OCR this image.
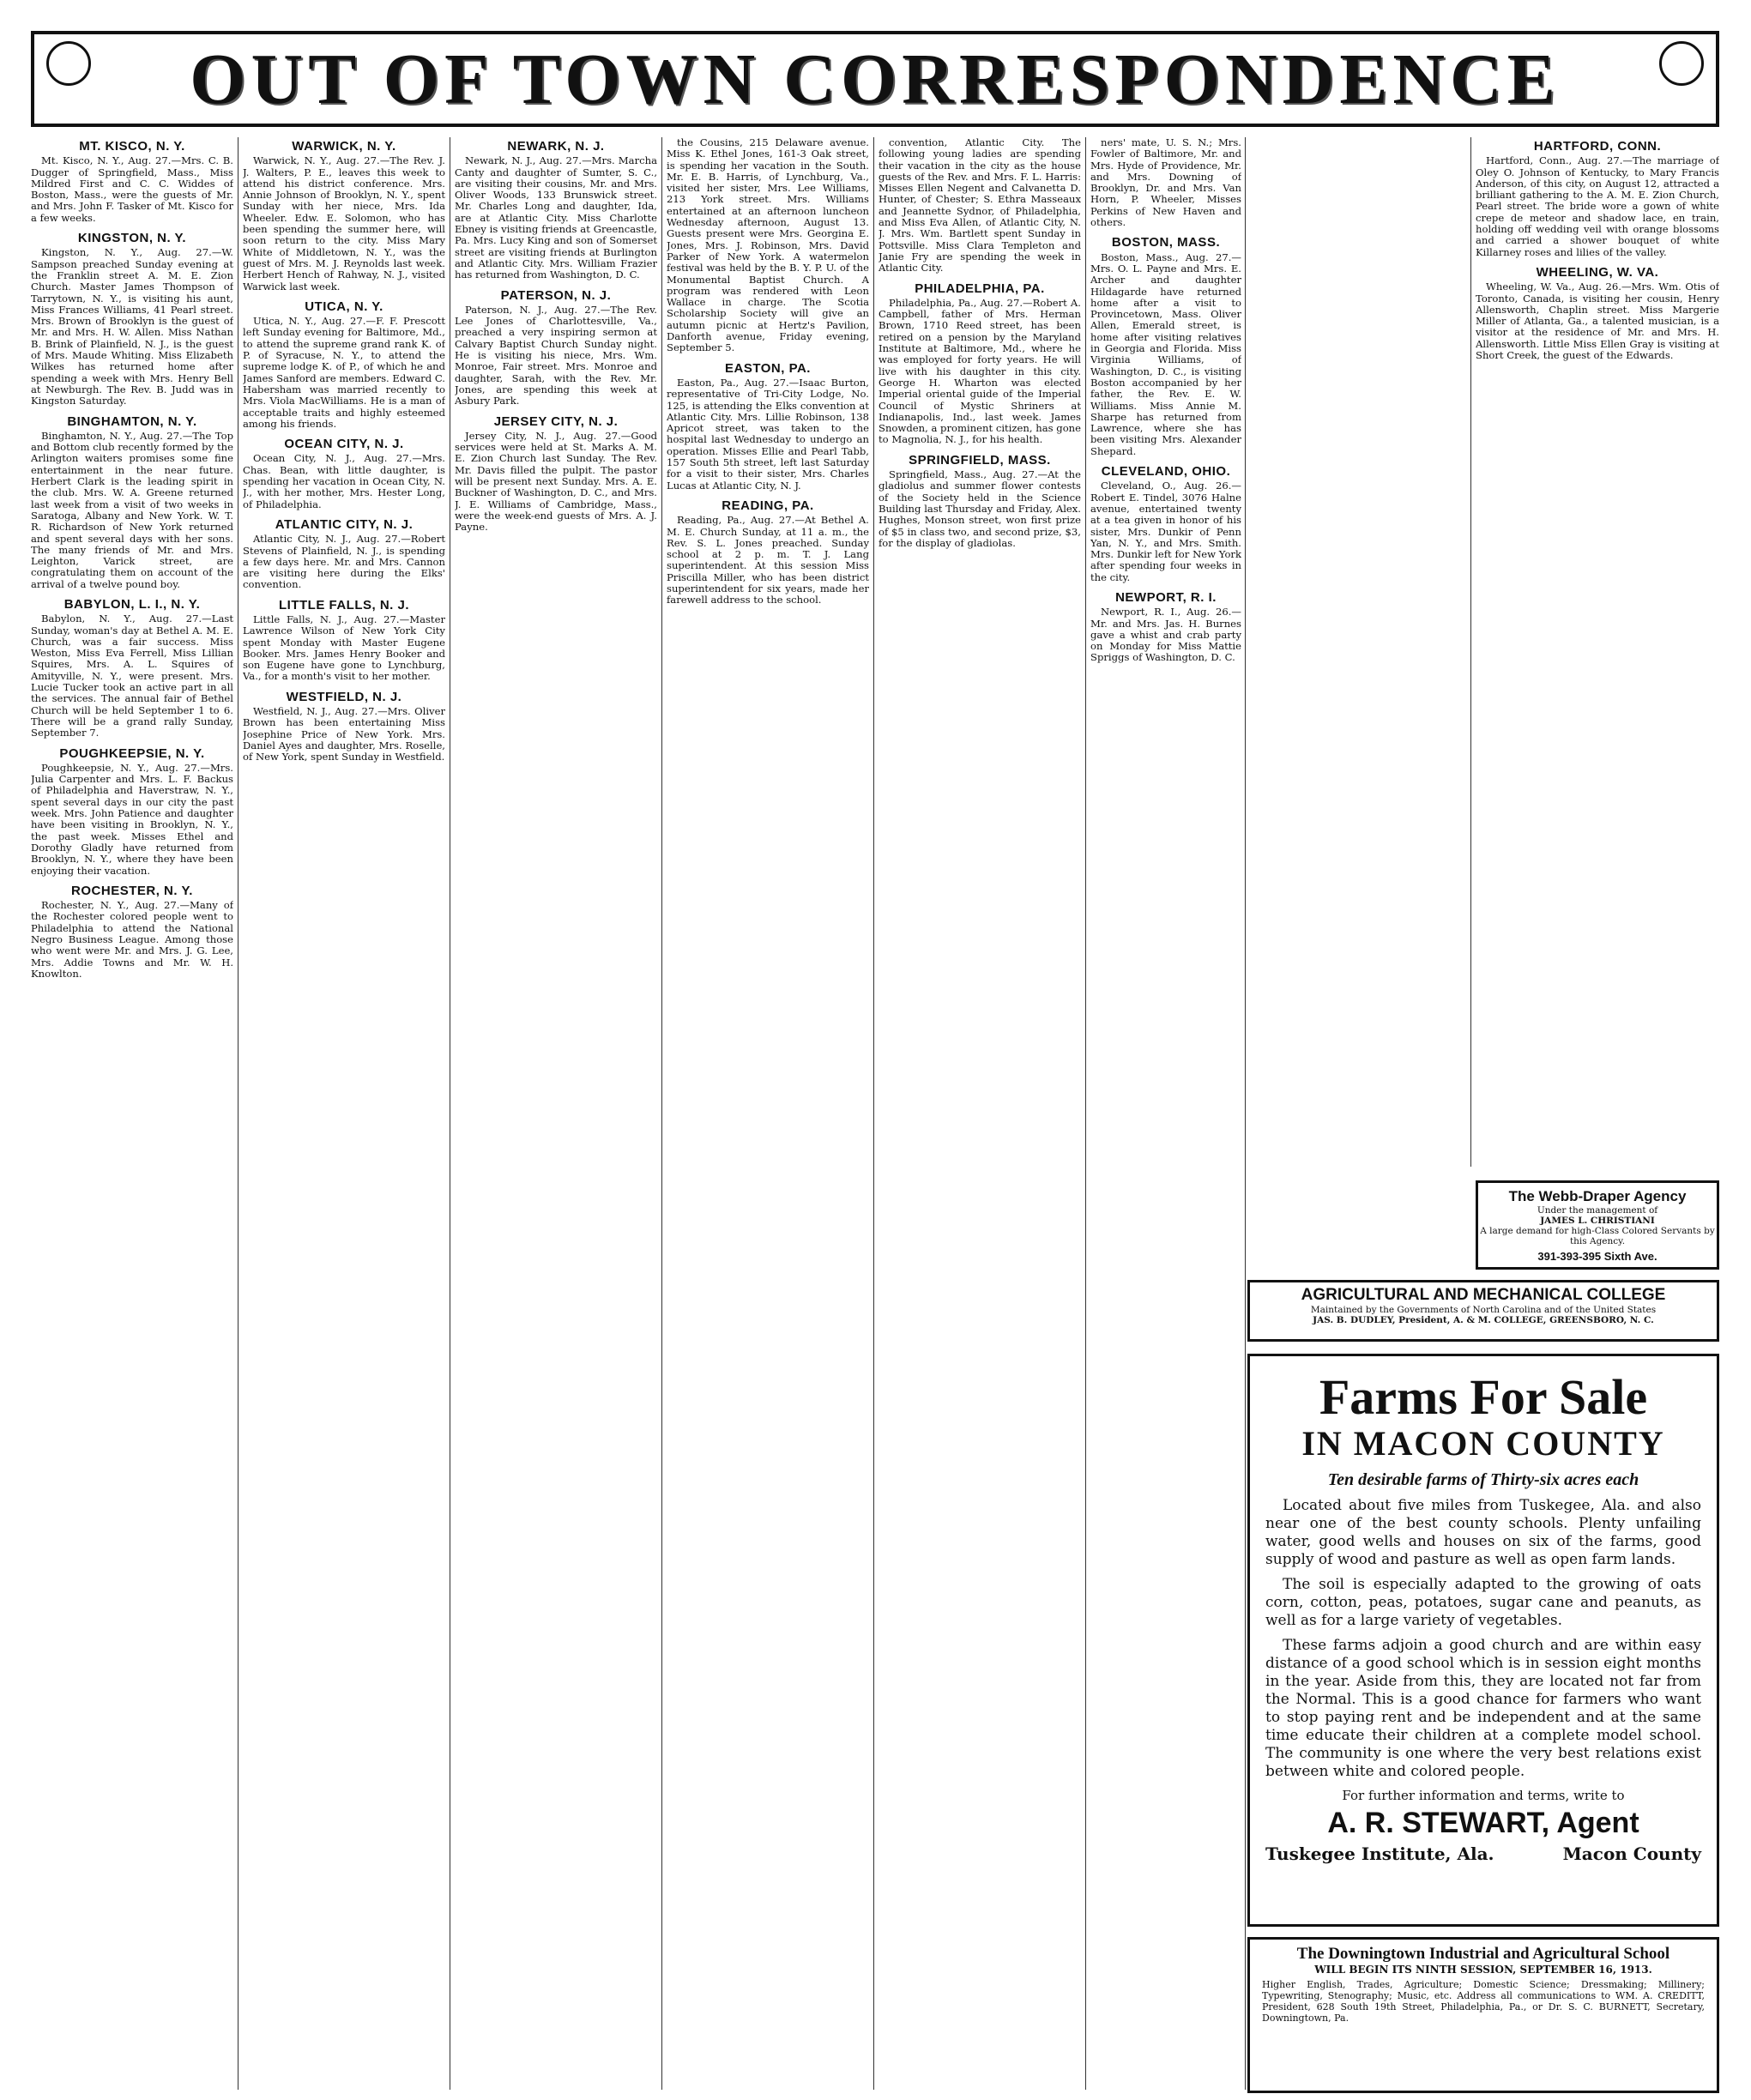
OUT OF TOWN CORRESPONDENCE
MT. KISCO, N. Y.

Mt. Kisco, N. Y., Aug. 27.—Mrs. C. B. Dugger of Springfield, Mass., Miss Mildred First and C. C. Widdes of Boston, Mass., were the guests of Mr. and Mrs. John F. Tasker of Mt. Kisco for a few weeks.

KINGSTON, N. Y.

Kingston, N. Y., Aug. 27.—W. Sampson preached Sunday evening at the Franklin street A. M. E. Zion Church. Master James Thompson of Tarrytown, N. Y., is visiting his aunt, Miss Frances Williams, 41 Pearl street. Mrs. Brown of Brooklyn is the guest of Mr. and Mrs. H. W. Allen. Miss Nathan B. Brink of Plainfield, N. J., is the guest of Mrs. Maude Whiting. Miss Elizabeth Wilkes has returned home after spending a week with Mrs. Henry Bell at Newburgh. The Rev. B. Judd was in Kingston Saturday.

BINGHAMTON, N. Y.

Binghamton, N. Y., Aug. 27.—The Top and Bottom club recently formed by the Arlington waiters promises some fine entertainment in the near future. Herbert Clark is the leading spirit in the club. Mrs. W. A. Greene returned last week from a visit of two weeks in Saratoga, Albany and New York. W. T. R. Richardson of New York returned and spent several days with her sons. The many friends of Mr. and Mrs. Leighton, Varick street, are congratulating them on account of the arrival of a twelve pound boy.

BABYLON, L. I., N. Y.

Babylon, N. Y., Aug. 27.—Last Sunday, woman's day at Bethel A. M. E. Church, was a fair success. Miss Weston, Miss Eva Ferrell, Miss Lillian Squires, Mrs. A. L. Squires of Amityville, N. Y., were present. Mrs. Lucie Tucker took an active part in all the services. The annual fair of Bethel Church will be held September 1 to 6. There will be a grand rally Sunday, September 7.

POUGHKEEPSIE, N. Y.

Poughkeepsie, N. Y., Aug. 27.—Mrs. Julia Carpenter and Mrs. L. F. Backus of Philadelphia and Haverstraw, N. Y., spent several days in our city the past week. Mrs. John Patience and daughter have been visiting in Brooklyn, N. Y., the past week. Misses Ethel and Dorothy Gladly have returned from Brooklyn, N. Y., where they have been enjoying their vacation.

ROCHESTER, N. Y.

Rochester, N. Y., Aug. 27.—Many of the Rochester colored people went to Philadelphia to attend the National Negro Business League. Among those who went were Mr. and Mrs. J. G. Lee, Mrs. Addie Towns and Mr. W. H. Knowlton.

WARWICK, N. Y.

Warwick, N. Y., Aug. 27.—The Rev. J. J. Walters, P. E., leaves this week to attend his district conference. Mrs. Annie Johnson of Brooklyn, N. Y., spent Sunday with her niece, Mrs. Ida Wheeler. Edw. E. Solomon, who has been spending the summer here, will soon return to the city. Miss Mary White of Middletown, N. Y., was the guest of Mrs. M. J. Reynolds last week. Herbert Hench of Rahway, N. J., visited Warwick last week.

UTICA, N. Y.

Utica, N. Y., Aug. 27.—F. F. Prescott left Sunday evening for Baltimore, Md., to attend the supreme grand rank K. of P. of Syracuse, N. Y., to attend the supreme lodge K. of P., of which he and James Sanford are members. Edward C. Habersham was married recently to Mrs. Viola MacWilliams. He is a man of acceptable traits and highly esteemed among his friends.

OCEAN CITY, N. J.

Ocean City, N. J., Aug. 27.—Mrs. Chas. Bean, with little daughter, is spending her vacation in Ocean City, N. J., with her mother, Mrs. Hester Long, of Philadelphia.

ATLANTIC CITY, N. J.

Atlantic City, N. J., Aug. 27.—Robert Stevens of Plainfield, N. J., is spending a few days here. Mr. and Mrs. Cannon are visiting here during the Elks' convention.

LITTLE FALLS, N. J.

Little Falls, N. J., Aug. 27.—Master Lawrence Wilson of New York City spent Monday with Master Eugene Booker. Mrs. James Henry Booker and son Eugene have gone to Lynchburg, Va., for a month's visit to her mother.

WESTFIELD, N. J.

Westfield, N. J., Aug. 27.—Mrs. Oliver Brown has been entertaining Miss Josephine Price of New York. Mrs. Daniel Ayes and daughter, Mrs. Roselle, of New York, spent Sunday in Westfield.

NEWARK, N. J.

Newark, N. J., Aug. 27.—Mrs. Marcha Canty and daughter of Sumter, S. C., are visiting their cousins, Mr. and Mrs. Oliver Woods, 133 Brunswick street. Mr. Charles Long and daughter, Ida, are at Atlantic City. Miss Charlotte Ebney is visiting friends at Greencastle, Pa. Mrs. Lucy King and son of Somerset street are visiting friends at Burlington and Atlantic City. Mrs. William Frazier has returned from Washington, D. C.

PATERSON, N. J.

Paterson, N. J., Aug. 27.—The Rev. Lee Jones of Charlottesville, Va., preached a very inspiring sermon at Calvary Baptist Church Sunday night. He is visiting his niece, Mrs. Wm. Monroe, Fair street. Mrs. Monroe and daughter, Sarah, with the Rev. Mr. Jones, are spending this week at Asbury Park.

JERSEY CITY, N. J.

Jersey City, N. J., Aug. 27.—Good services were held at St. Marks A. M. E. Zion Church last Sunday. The Rev. Mr. Davis filled the pulpit. The pastor will be present next Sunday. Mrs. A. E. Buckner of Washington, D. C., and Mrs. J. E. Williams of Cambridge, Mass., were the week-end guests of Mrs. A. J. Payne.

the Cousins, 215 Delaware avenue. Miss K. Ethel Jones, 161-3 Oak street, is spending her vacation in the South. Mr. E. B. Harris, of Lynchburg, Va., visited her sister, Mrs. Lee Williams, 213 York street. Mrs. Williams entertained at an afternoon luncheon Wednesday afternoon, August 13. Guests present were Mrs. Georgina E. Jones, Mrs. J. Robinson, Mrs. David Parker of New York. A watermelon festival was held by the B. Y. P. U. of the Monumental Baptist Church. A program was rendered with Leon Wallace in charge. The Scotia Scholarship Society will give an autumn picnic at Hertz's Pavilion, Danforth avenue, Friday evening, September 5.

EASTON, PA.

Easton, Pa., Aug. 27.—Isaac Burton, representative of Tri-City Lodge, No. 125, is attending the Elks convention at Atlantic City. Mrs. Lillie Robinson, 138 Apricot street, was taken to the hospital last Wednesday to undergo an operation. Misses Ellie and Pearl Tabb, 157 South 5th street, left last Saturday for a visit to their sister, Mrs. Charles Lucas at Atlantic City, N. J.

READING, PA.

Reading, Pa., Aug. 27.—At Bethel A. M. E. Church Sunday, at 11 a. m., the Rev. S. L. Jones preached. Sunday school at 2 p. m. T. J. Lang superintendent. At this session Miss Priscilla Miller, who has been district superintendent for six years, made her farewell address to the school.

convention, Atlantic City. The following young ladies are spending their vacation in the city as the house guests of the Rev. and Mrs. F. L. Harris: Misses Ellen Negent and Calvanetta D. Hunter, of Chester; S. Ethra Masseaux and Jeannette Sydnor, of Philadelphia, and Miss Eva Allen, of Atlantic City, N. J. Mrs. Wm. Bartlett spent Sunday in Pottsville. Miss Clara Templeton and Janie Fry are spending the week in Atlantic City.

PHILADELPHIA, PA.

Philadelphia, Pa., Aug. 27.—Robert A. Campbell, father of Mrs. Herman Brown, 1710 Reed street, has been retired on a pension by the Maryland Institute at Baltimore, Md., where he was employed for forty years. He will live with his daughter in this city. George H. Wharton was elected Imperial oriental guide of the Imperial Council of Mystic Shriners at Indianapolis, Ind., last week. James Snowden, a prominent citizen, has gone to Magnolia, N. J., for his health.

SPRINGFIELD, MASS.

Springfield, Mass., Aug. 27.—At the gladiolus and summer flower contests of the Society held in the Science Building last Thursday and Friday, Alex. Hughes, Monson street, won first prize of $5 in class two, and second prize, $3, for the display of gladiolas.

ners' mate, U. S. N.; Mrs. Fowler of Baltimore, Mr. and Mrs. Hyde of Providence, Mr. and Mrs. Downing of Brooklyn, Dr. and Mrs. Van Horn, P. Wheeler, Misses Perkins of New Haven and others.

BOSTON, MASS.

Boston, Mass., Aug. 27.—Mrs. O. L. Payne and Mrs. E. Archer and daughter Hildagarde have returned home after a visit to Provincetown, Mass. Oliver Allen, Emerald street, is home after visiting relatives in Georgia and Florida. Miss Virginia Williams, of Washington, D. C., is visiting Boston accompanied by her father, the Rev. E. W. Williams. Miss Annie M. Sharpe has returned from Lawrence, where she has been visiting Mrs. Alexander Shepard.

CLEVELAND, OHIO.

Cleveland, O., Aug. 26.—Robert E. Tindel, 3076 Halne avenue, entertained twenty at a tea given in honor of his sister, Mrs. Dunkir of Penn Yan, N. Y., and Mrs. Smith. Mrs. Dunkir left for New York after spending four weeks in the city.

NEWPORT, R. I.

Newport, R. I., Aug. 26.—Mr. and Mrs. Jas. H. Burnes gave a whist and crab party on Monday for Miss Mattie Spriggs of Washington, D. C.

HARTFORD, CONN.

Hartford, Conn., Aug. 27.—The marriage of Oley O. Johnson of Kentucky, to Mary Francis Anderson, of this city, on August 12, attracted a brilliant gathering to the A. M. E. Zion Church, Pearl street. The bride wore a gown of white crepe de meteor and shadow lace, en train, holding off wedding veil with orange blossoms and carried a shower bouquet of white Killarney roses and lilies of the valley.

WHEELING, W. VA.

Wheeling, W. Va., Aug. 26.—Mrs. Wm. Otis of Toronto, Canada, is visiting her cousin, Henry Allensworth, Chaplin street. Miss Margerie Miller of Atlanta, Ga., a talented musician, is a visitor at the residence of Mr. and Mrs. H. Allensworth. Little Miss Ellen Gray is visiting at Short Creek, the guest of the Edwards.

The Webb-Draper Agency
Under the management of
JAMES L. CHRISTIANI
A large demand for high-Class Colored Servants by this Agency.
391-393-395 Sixth Ave.
AGRICULTURAL AND MECHANICAL COLLEGE
Maintained by the Governments of North Carolina and of the United States
JAS. B. DUDLEY, President, A. & M. COLLEGE, GREENSBORO, N. C.
Farms For Sale
IN MACON COUNTY
Ten desirable farms of Thirty-six acres each

Located about five miles from Tuskegee, Ala. and also near one of the best county schools. Plenty unfailing water, good wells and houses on six of the farms, good supply of wood and pasture as well as open farm lands.

The soil is especially adapted to the growing of oats corn, cotton, peas, potatoes, sugar cane and peanuts, as well as for a large variety of vegetables.

These farms adjoin a good church and are within easy distance of a good school which is in session eight months in the year. Aside from this, they are located not far from the Normal. This is a good chance for farmers who want to stop paying rent and be independent and at the same time educate their children at a complete model school. The community is one where the very best relations exist between white and colored people.

For further information and terms, write to
A. R. STEWART, Agent
Tuskegee Institute, Ala.	Macon County
The Downingtown Industrial and Agricultural School
WILL BEGIN ITS NINTH SESSION, SEPTEMBER 16, 1913.
Higher English, Trades, Agriculture; Domestic Science; Dressmaking; Millinery; Typewriting, Stenography; Music, etc. Address all communications to WM. A. CREDITT, President, 628 South 19th Street, Philadelphia, Pa., or Dr. S. C. BURNETT, Secretary, Downingtown, Pa.
